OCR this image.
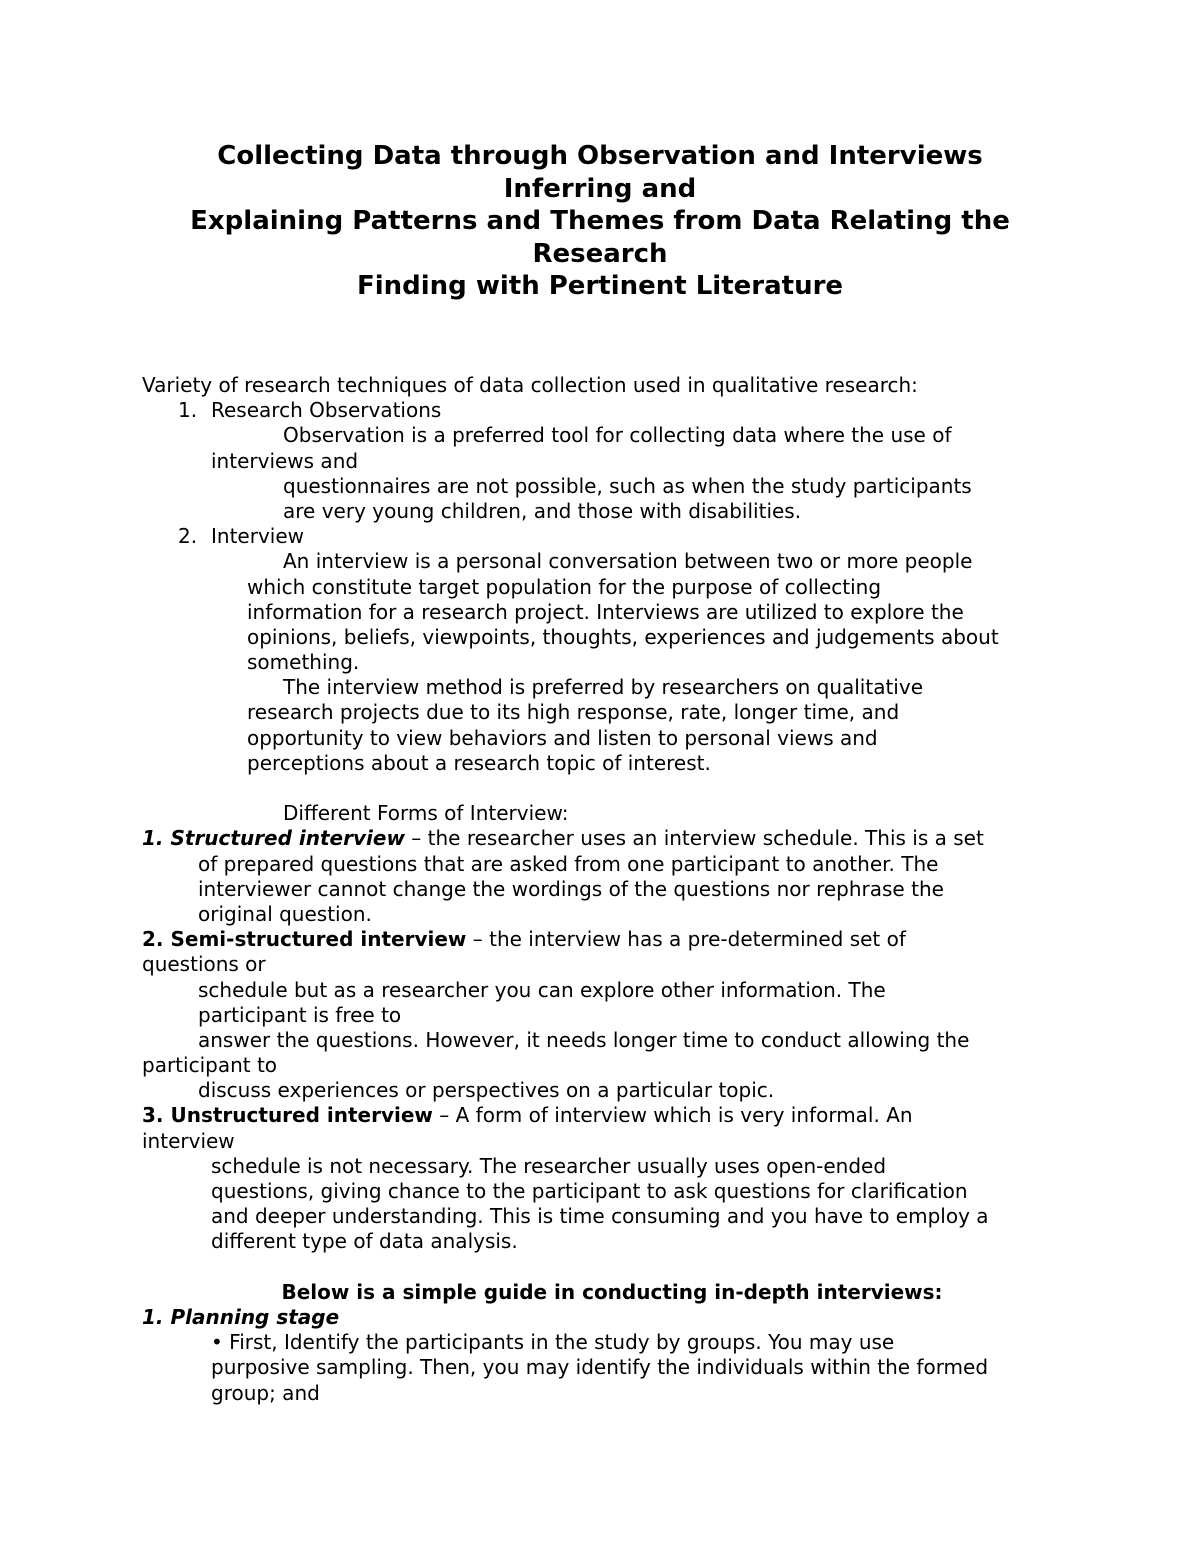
Collecting Data through Observation and Interviews
Inferring and
Explaining Patterns and Themes from Data Relating the
Research
Finding with Pertinent Literature
Variety of research techniques of data collection used in qualitative research:
1. Research Observations
Observation is a preferred tool for collecting data where the use of
interviews and
questionnaires are not possible, such as when the study participants
are very young children, and those with disabilities.
2. Interview
An interview is a personal conversation between two or more people
which constitute target population for the purpose of collecting
information for a research project. Interviews are utilized to explore the
opinions, beliefs, viewpoints, thoughts, experiences and judgements about
something.
The interview method is preferred by researchers on qualitative
research projects due to its high response, rate, longer time, and
opportunity to view behaviors and listen to personal views and
perceptions about a research topic of interest.
Different Forms of Interview:
1. Structured interview – the researcher uses an interview schedule. This is a set
of prepared questions that are asked from one participant to another. The
interviewer cannot change the wordings of the questions nor rephrase the
original question.
2. Semi-structured interview – the interview has a pre-determined set of
questions or
schedule but as a researcher you can explore other information. The
participant is free to
answer the questions. However, it needs longer time to conduct allowing the
participant to
discuss experiences or perspectives on a particular topic.
3. Unstructured interview – A form of interview which is very informal. An
interview
schedule is not necessary. The researcher usually uses open-ended
questions, giving chance to the participant to ask questions for clarification
and deeper understanding. This is time consuming and you have to employ a
different type of data analysis.
Below is a simple guide in conducting in-depth interviews:
1. Planning stage
• First, Identify the participants in the study by groups. You may use
purposive sampling. Then, you may identify the individuals within the formed
group; and
